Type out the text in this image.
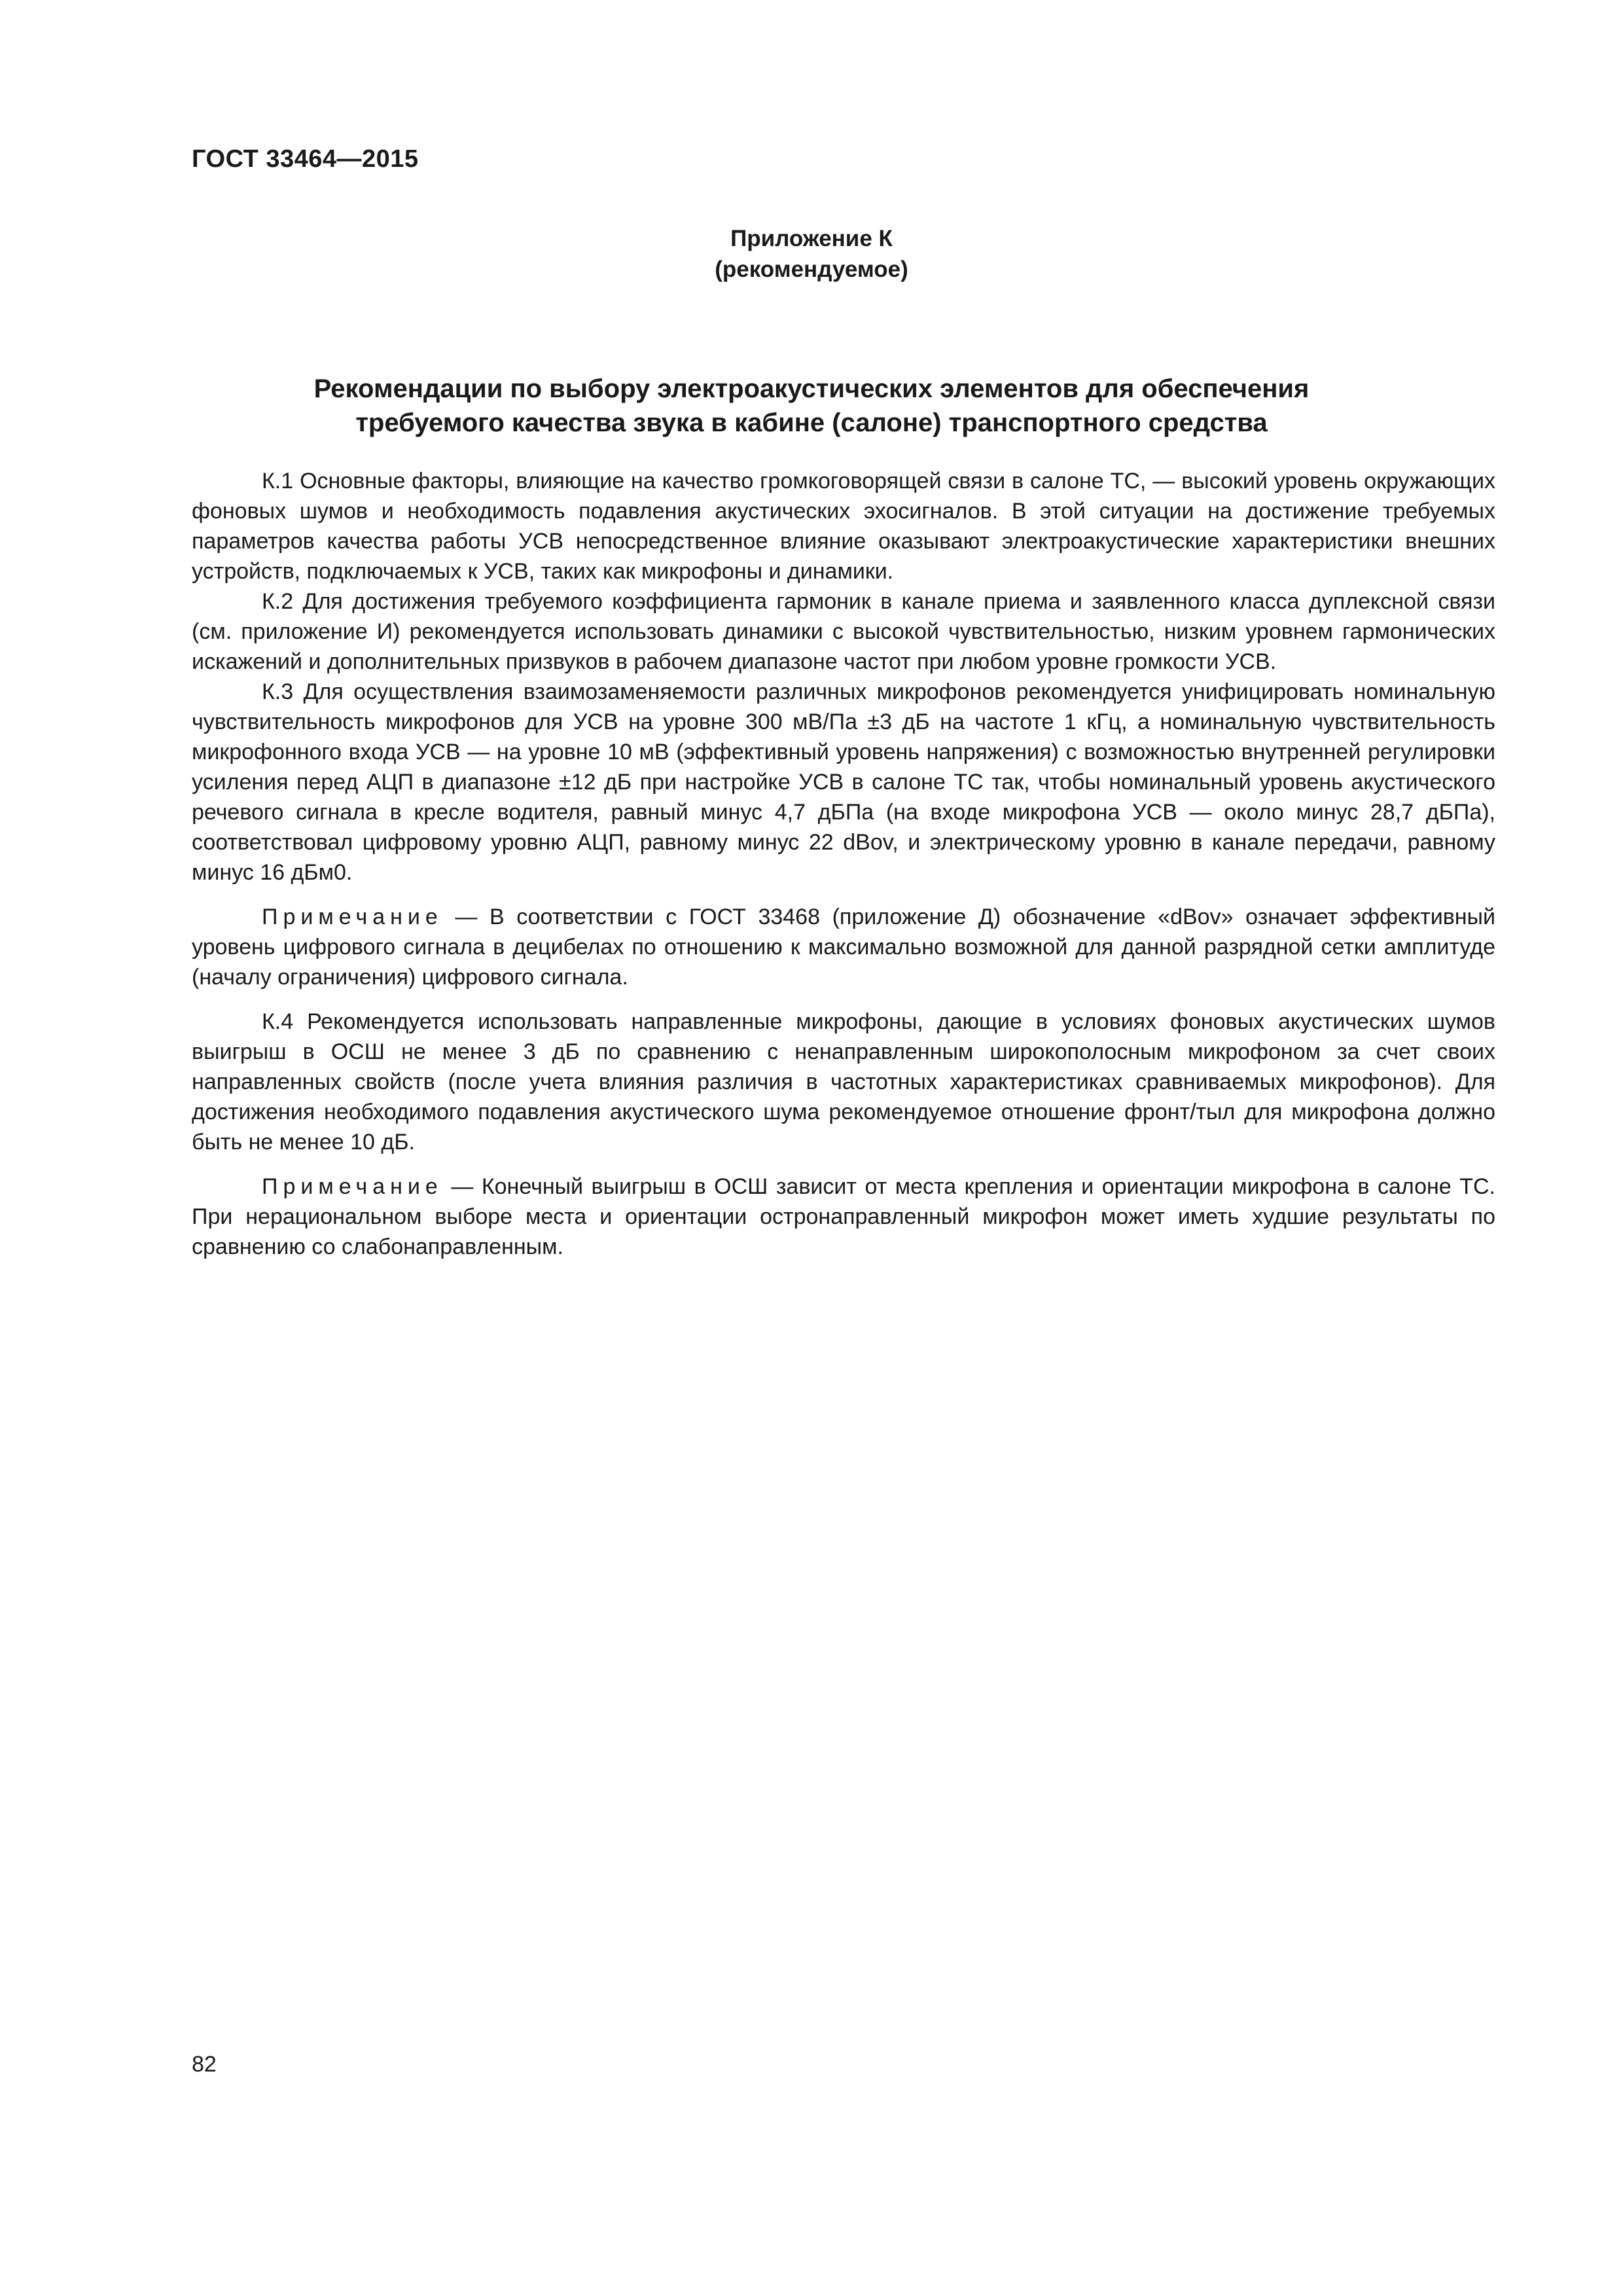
ГОСТ 33464—2015
Приложение К
(рекомендуемое)
Рекомендации по выбору электроакустических элементов для обеспечения
требуемого качества звука в кабине (салоне) транспортного средства

К.1 Основные факторы, влияющие на качество громкоговорящей связи в салоне ТС, — высокий уровень окружающих фоновых шумов и необходимость подавления акустических эхосигналов. В этой ситуации на достижение требуемых параметров качества работы УСВ непосредственное влияние оказывают электроакустические характеристики внешних устройств, подключаемых к УСВ, таких как микрофоны и динамики.

К.2 Для достижения требуемого коэффициента гармоник в канале приема и заявленного класса дуплексной связи (см. приложение И) рекомендуется использовать динамики с высокой чувствительностью, низким уровнем гармонических искажений и дополнительных призвуков в рабочем диапазоне частот при любом уровне громкости УСВ.

К.3 Для осуществления взаимозаменяемости различных микрофонов рекомендуется унифицировать номинальную чувствительность микрофонов для УСВ на уровне 300 мВ/Па ±3 дБ на частоте 1 кГц, а номинальную чувствительность микрофонного входа УСВ — на уровне 10 мВ (эффективный уровень напряжения) с возможностью внутренней регулировки усиления перед АЦП в диапазоне ±12 дБ при настройке УСВ в салоне ТС так, чтобы номинальный уровень акустического речевого сигнала в кресле водителя, равный минус 4,7 дБПа (на входе микрофона УСВ — около минус 28,7 дБПа), соответствовал цифровому уровню АЦП, равному минус 22 dBov, и электрическому уровню в канале передачи, равному минус 16 дБм0.

Примечание — В соответствии с ГОСТ 33468 (приложение Д) обозначение «dBov» означает эффективный уровень цифрового сигнала в децибелах по отношению к максимально возможной для данной разрядной сетки амплитуде (началу ограничения) цифрового сигнала.

К.4 Рекомендуется использовать направленные микрофоны, дающие в условиях фоновых акустических шумов выигрыш в ОСШ не менее 3 дБ по сравнению с ненаправленным широкополосным микрофоном за счет своих направленных свойств (после учета влияния различия в частотных характеристиках сравниваемых микрофонов). Для достижения необходимого подавления акустического шума рекомендуемое отношение фронт/тыл для микрофона должно быть не менее 10 дБ.

Примечание — Конечный выигрыш в ОСШ зависит от места крепления и ориентации микрофона в салоне ТС. При нерациональном выборе места и ориентации остронаправленный микрофон может иметь худшие результаты по сравнению со слабонаправленным.

82
